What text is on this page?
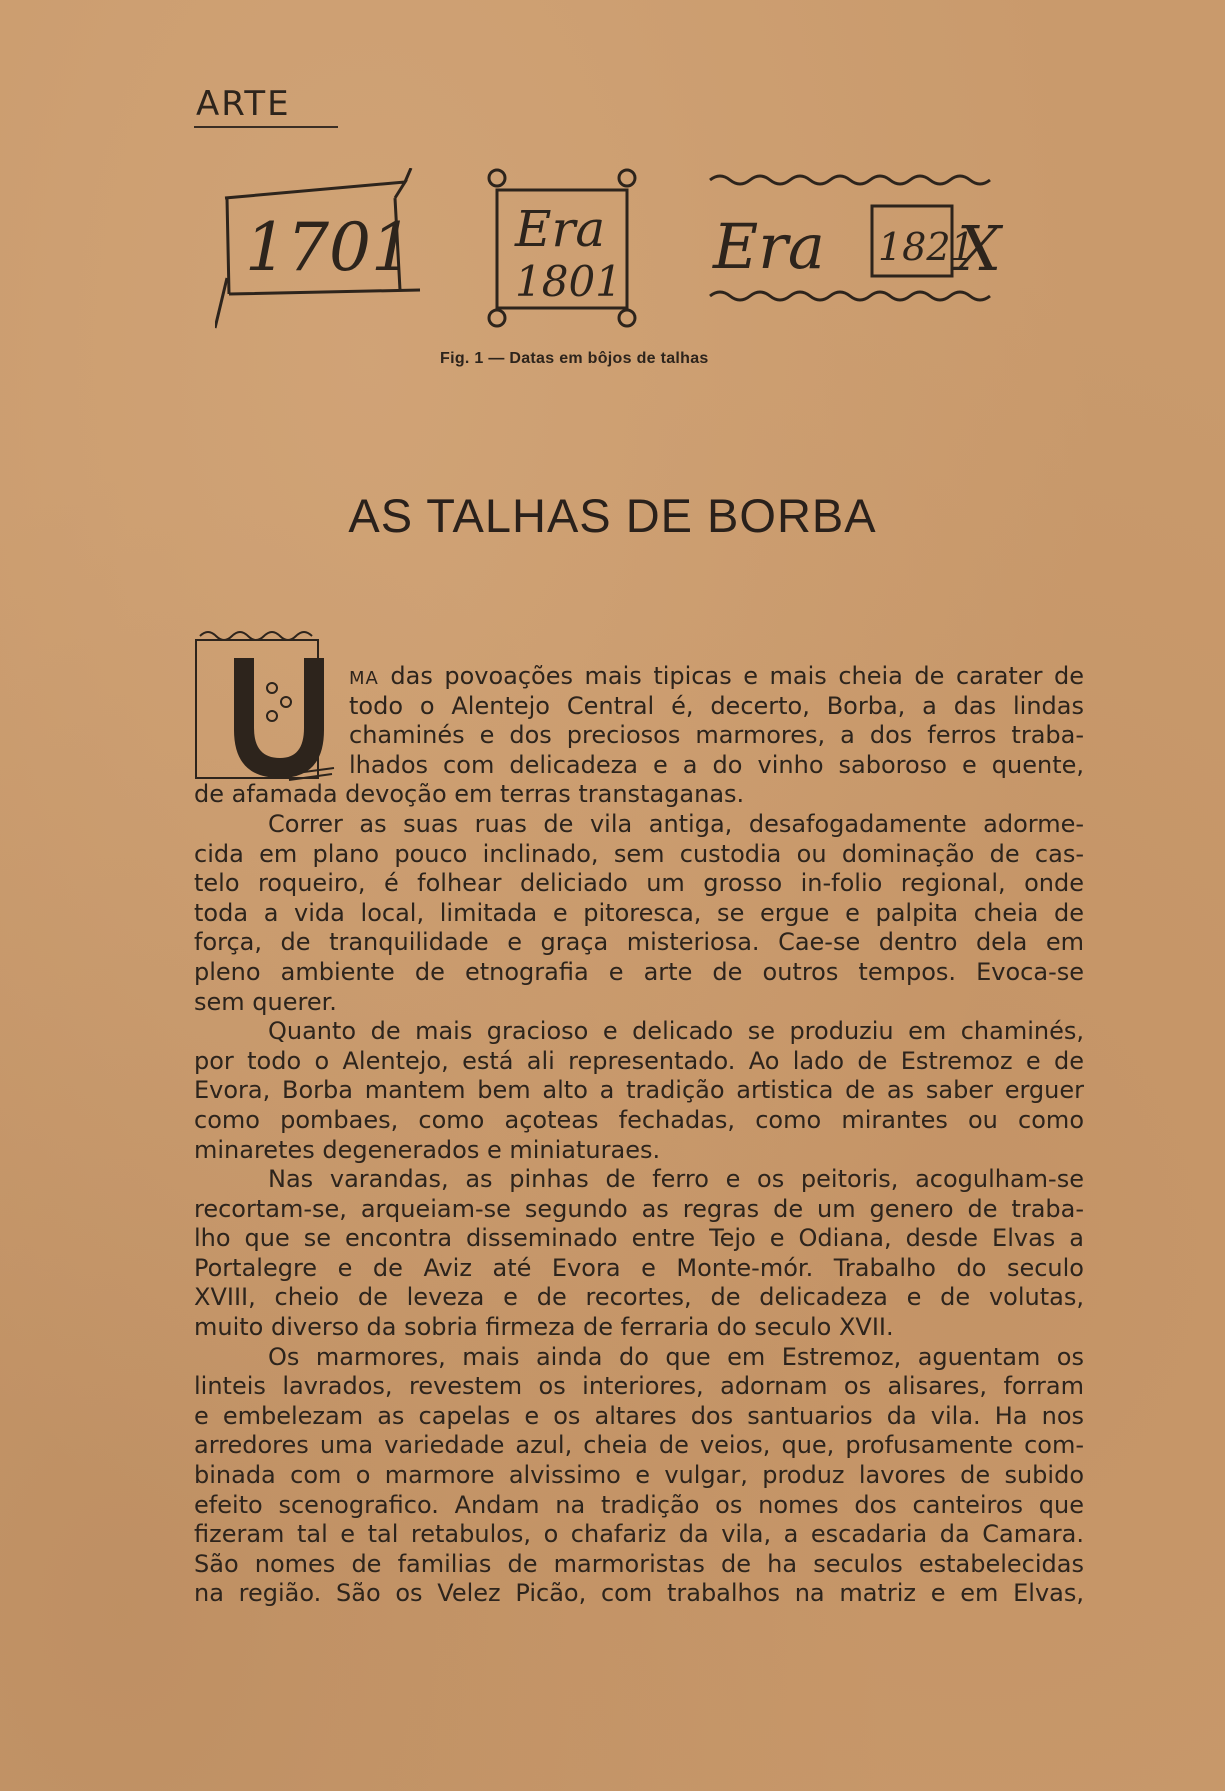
ARTE
1701 Era
1801 Era 1821
X
Fig. 1 — Datas em bôjos de talhas
AS TALHAS DE BORBA
MA das povoações mais tipicas e mais cheia de carater de
todo o Alentejo Central é, decerto, Borba, a das lindas
chaminés e dos preciosos marmores, a dos ferros traba-
lhados com delicadeza e a do vinho saboroso e quente,
de afamada devoção em terras transtaganas.
Correr as suas ruas de vila antiga, desafogadamente adorme-
cida em plano pouco inclinado, sem custodia ou dominação de cas-
telo roqueiro, é folhear deliciado um grosso in-folio regional, onde
toda a vida local, limitada e pitoresca, se ergue e palpita cheia de
força, de tranquilidade e graça misteriosa. Cae-se dentro dela em
pleno ambiente de etnografia e arte de outros tempos. Evoca-se
sem querer.
Quanto de mais gracioso e delicado se produziu em chaminés,
por todo o Alentejo, está ali representado. Ao lado de Estremoz e de
Evora, Borba mantem bem alto a tradição artistica de as saber erguer
como pombaes, como açoteas fechadas, como mirantes ou como
minaretes degenerados e miniaturaes.
Nas varandas, as pinhas de ferro e os peitoris, acogulham-se
recortam-se, arqueiam-se segundo as regras de um genero de traba-
lho que se encontra disseminado entre Tejo e Odiana, desde Elvas a
Portalegre e de Aviz até Evora e Monte-mór. Trabalho do seculo
XVIII, cheio de leveza e de recortes, de delicadeza e de volutas,
muito diverso da sobria firmeza de ferraria do seculo XVII.
Os marmores, mais ainda do que em Estremoz, aguentam os
linteis lavrados, revestem os interiores, adornam os alisares, forram
e embelezam as capelas e os altares dos santuarios da vila. Ha nos
arredores uma variedade azul, cheia de veios, que, profusamente com-
binada com o marmore alvissimo e vulgar, produz lavores de subido
efeito scenografico. Andam na tradição os nomes dos canteiros que
fizeram tal e tal retabulos, o chafariz da vila, a escadaria da Camara.
São nomes de familias de marmoristas de ha seculos estabelecidas
na região. São os Velez Picão, com trabalhos na matriz e em Elvas,
